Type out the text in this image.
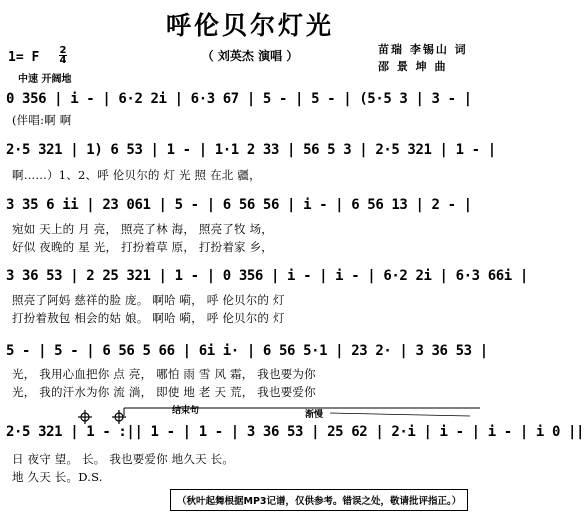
呼伦贝尔灯光
（ 刘英杰 演唱 ）	苗瑞 李锡山 词
邵 景 坤 曲
1= F 2
4
中速 开阔地
0 356 | i - | 6·2 2i | 6·3 67 | 5 - | 5 - | (5·5 3 | 3 - |
(伴唱:啊 啊
2·5 321 | 1) 6 53 | 1 - | 1·1 2 33 | 56 5 3 | 2·5 321 | 1 - |
啊……）1、2、呼 伦贝尔的 灯 光 照 在北 疆，
3 35 6 ii | 23 061 | 5 - | 6 56 56 | i - | 6 56 13 | 2 - |
宛如 天上的 月 亮， 照亮了林 海， 照亮了牧 场，
好似 夜晚的 星 光， 打扮着草 原， 打扮着家 乡，
3 36 53 | 2 25 321 | 1 - | 0 356 | i - | i - | 6·2 2i | 6·3 66i |
照亮了阿妈 慈祥的脸 庞。 啊哈 嗬， 呼 伦贝尔的 灯
打扮着敖包 相会的姑 娘。 啊哈 嗬， 呼 伦贝尔的 灯
5 - | 5 - | 6 56 5 66 | 6i i· | 6 56 5·1 | 23 2· | 3 36 53 |
光， 我用心血把你 点 亮， 哪怕 雨 雪 风 霜， 我也要为你
光， 我的汗水为你 流 淌， 即使 地 老 天 荒， 我也要爱你
结束句	渐慢
2·5 321 | 1 - :|| 1 - | 1 - | 3 36 53 | 25 62 | 2·i | i - | i - | i 0 ||
日 夜守 望。 长。 我也要爱你 地久天 长。
地 久天 长。D.S.
（秋叶起舞根据MP3记谱，仅供参考。错误之处，敬请批评指正。）
